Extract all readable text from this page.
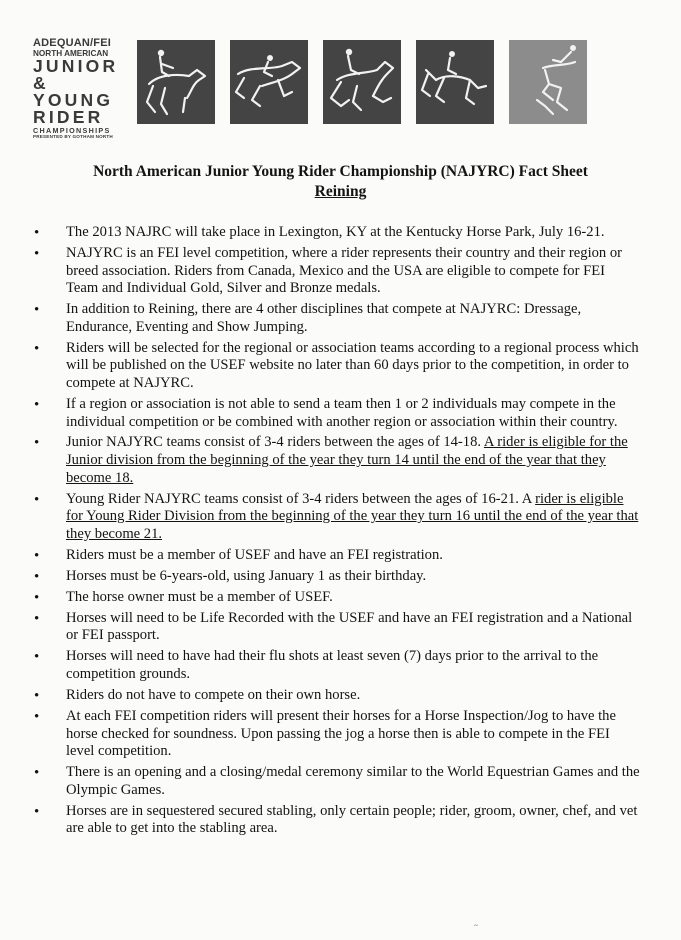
ADEQUAN/FEI
NORTH AMERICAN
JUNIOR
& YOUNG
RIDER
CHAMPIONSHIPS
PRESENTED BY GOTHAM NORTH
North American Junior Young Rider Championship (NAJYRC) Fact Sheet
Reining
• The 2013 NAJRC will take place in Lexington, KY at the Kentucky Horse Park, July 16-21.
• NAJYRC is an FEI level competition, where a rider represents their country and their region or breed association. Riders from Canada, Mexico and the USA are eligible to compete for FEI Team and Individual Gold, Silver and Bronze medals.
• In addition to Reining, there are 4 other disciplines that compete at NAJYRC: Dressage, Endurance, Eventing and Show Jumping.
• Riders will be selected for the regional or association teams according to a regional process which will be published on the USEF website no later than 60 days prior to the competition, in order to compete at NAJYRC.
• If a region or association is not able to send a team then 1 or 2 individuals may compete in the individual competition or be combined with another region or association within their country.
• Junior NAJYRC teams consist of 3-4 riders between the ages of 14-18. A rider is eligible for the Junior division from the beginning of the year they turn 14 until the end of the year that they become 18.
• Young Rider NAJYRC teams consist of 3-4 riders between the ages of 16-21. A rider is eligible for Young Rider Division from the beginning of the year they turn 16 until the end of the year that they become 21.
• Riders must be a member of USEF and have an FEI registration.
• Horses must be 6-years-old, using January 1 as their birthday.
• The horse owner must be a member of USEF.
• Horses will need to be Life Recorded with the USEF and have an FEI registration and a National or FEI passport.
• Horses will need to have had their flu shots at least seven (7) days prior to the arrival to the competition grounds.
• Riders do not have to compete on their own horse.
• At each FEI competition riders will present their horses for a Horse Inspection/Jog to have the horse checked for soundness. Upon passing the jog a horse then is able to compete in the FEI level competition.
• There is an opening and a closing/medal ceremony similar to the World Equestrian Games and the Olympic Games.
• Horses are in sequestered secured stabling, only certain people; rider, groom, owner, chef, and vet are able to get into the stabling area.
~
